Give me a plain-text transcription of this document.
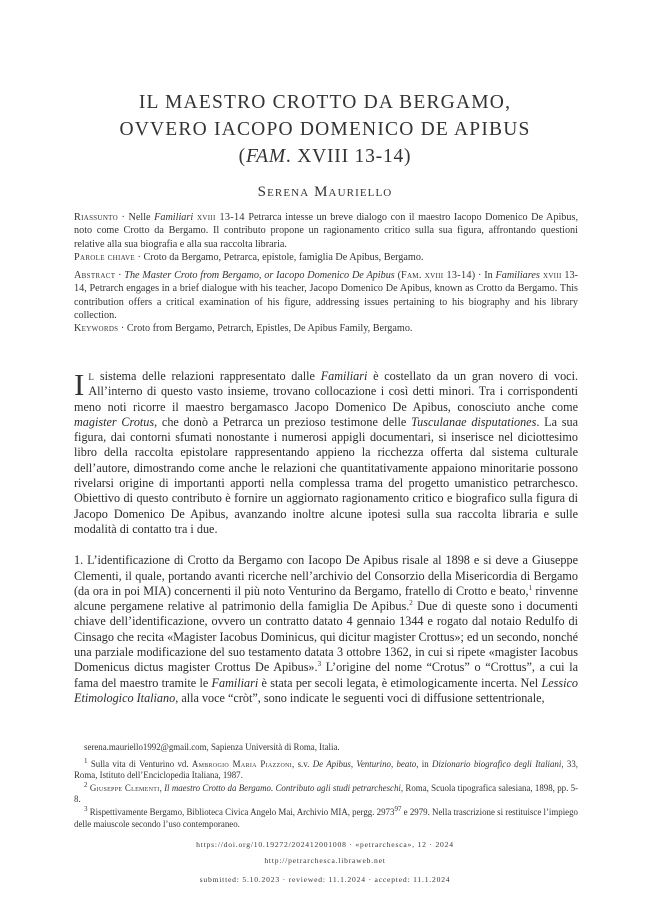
IL MAESTRO CROTTO DA BERGAMO,
OVVERO IACOPO DOMENICO DE APIBUS
(FAM. XVIII 13-14)
Serena Mauriello

Riassunto · Nelle Familiari xviii 13-14 Petrarca intesse un breve dialogo con il maestro Iacopo Domenico De Apibus, noto come Crotto da Bergamo. Il contributo propone un ragionamento critico sulla sua figura, affrontando questioni relative alla sua biografia e alla sua raccolta libraria.

Parole chiave · Croto da Bergamo, Petrarca, epistole, famiglia De Apibus, Bergamo.

Abstract · The Master Croto from Bergamo, or Iacopo Domenico De Apibus (Fam. xviii 13-14) · In Familiares xviii 13-14, Petrarch engages in a brief dialogue with his teacher, Jacopo Domenico De Apibus, known as Crotto da Bergamo. This contribution offers a critical examination of his figure, addressing issues pertaining to his biography and his library collection.

Keywords · Croto from Bergamo, Petrarch, Epistles, De Apibus Family, Bergamo.

Il sistema delle relazioni rappresentato dalle Familiari è costellato da un gran novero di voci. All’interno di questo vasto insieme, trovano collocazione i così detti minori. Tra i corrispondenti meno noti ricorre il maestro bergamasco Jacopo Domenico De Apibus, conosciuto anche come magister Crotus, che donò a Petrarca un prezioso testimone delle Tusculanae disputationes. La sua figura, dai contorni sfumati nonostante i numerosi appigli documentari, si inserisce nel diciottesimo libro della raccolta epistolare rappresentando appieno la ricchezza offerta dal sistema culturale dell’autore, dimostrando come anche le relazioni che quantitativamente appaiono minoritarie possono rivelarsi origine di importanti apporti nella complessa trama del progetto umanistico petrarchesco. Obiettivo di questo contributo è fornire un aggiornato ragionamento critico e biografico sulla figura di Jacopo Domenico De Apibus, avanzando inoltre alcune ipotesi sulla sua raccolta libraria e sulle modalità di contatto tra i due.

1. L’identificazione di Crotto da Bergamo con Iacopo De Apibus risale al 1898 e si deve a Giuseppe Clementi, il quale, portando avanti ricerche nell’archivio del Consorzio della Misericordia di Bergamo (da ora in poi MIA) concernenti il più noto Venturino da Bergamo, fratello di Crotto e beato,$^1$ rinvenne alcune pergamene relative al patrimonio della famiglia De Apibus.$^2$ Due di queste sono i documenti chiave dell’identificazione, ovvero un contratto datato 4 gennaio 1344 e rogato dal notaio Redulfo di Cinsago che recita «Magister Iacobus Dominicus, qui dicitur magister Crottus»; ed un secondo, nonché una parziale modificazione del suo testamento datata 3 ottobre 1362, in cui si ripete «magister Iacobus Domenicus dictus magister Crottus De Apibus».$^3$ L’origine del nome “Crotus” o “Crottus”, a cui la fama del maestro tramite le Familiari è stata per secoli legata, è etimologicamente incerta. Nel Lessico Etimologico Italiano, alla voce “cròt”, sono indicate le seguenti voci di diffusione settentrionale,

serena.mauriello1992@gmail.com, Sapienza Università di Roma, Italia.

$^1$ Sulla vita di Venturino vd. Ambrogio Maria Piazzoni, s.v. De Apibus, Venturino, beato, in Dizionario biografico degli Italiani, 33, Roma, Istituto dell’Enciclopedia Italiana, 1987.

$^2$ Giuseppe Clementi, Il maestro Crotto da Bergamo. Contributo agli studi petrarcheschi, Roma, Scuola tipografica salesiana, 1898, pp. 5-8.

$^3$ Rispettivamente Bergamo, Biblioteca Civica Angelo Mai, Archivio MIA, pergg. 2973$^{97}$ e 2979. Nella trascrizione si restituisce l’impiego delle maiuscole secondo l’uso contemporaneo.

https://doi.org/10.19272/202412001008 · «petrarchesca», 12 · 2024
http://petrarchesca.libraweb.net
submitted: 5.10.2023 · reviewed: 11.1.2024 · accepted: 11.1.2024
